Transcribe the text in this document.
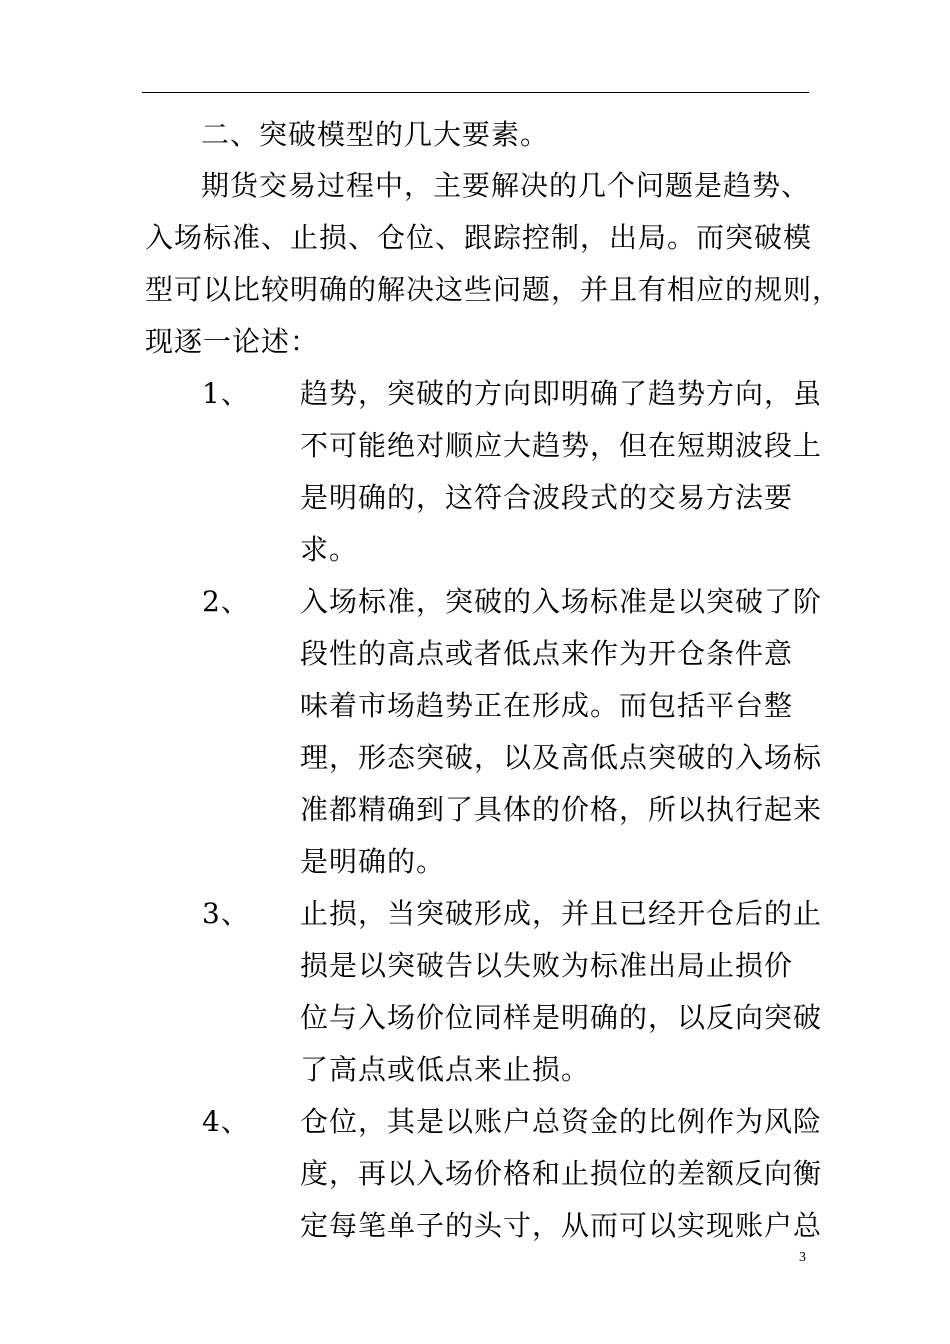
二、突破模型的几大要素。

期货交易过程中，主要解决的几个问题是趋势、
入场标准、止损、仓位、跟踪控制，出局。而突破模
型可以比较明确的解决这些问题，并且有相应的规则，
现逐一论述：

1、 趋势，突破的方向即明确了趋势方向，虽
不可能绝对顺应大趋势，但在短期波段上
是明确的，这符合波段式的交易方法要
求。
2、 入场标准，突破的入场标准是以突破了阶
段性的高点或者低点来作为开仓条件意
味着市场趋势正在形成。而包括平台整
理，形态突破，以及高低点突破的入场标
准都精确到了具体的价格，所以执行起来
是明确的。
3、 止损，当突破形成，并且已经开仓后的止
损是以突破告以失败为标准出局止损价
位与入场价位同样是明确的，以反向突破
了高点或低点来止损。
4、 仓位，其是以账户总资金的比例作为风险
度，再以入场价格和止损位的差额反向衡
定每笔单子的头寸，从而可以实现账户总
3
